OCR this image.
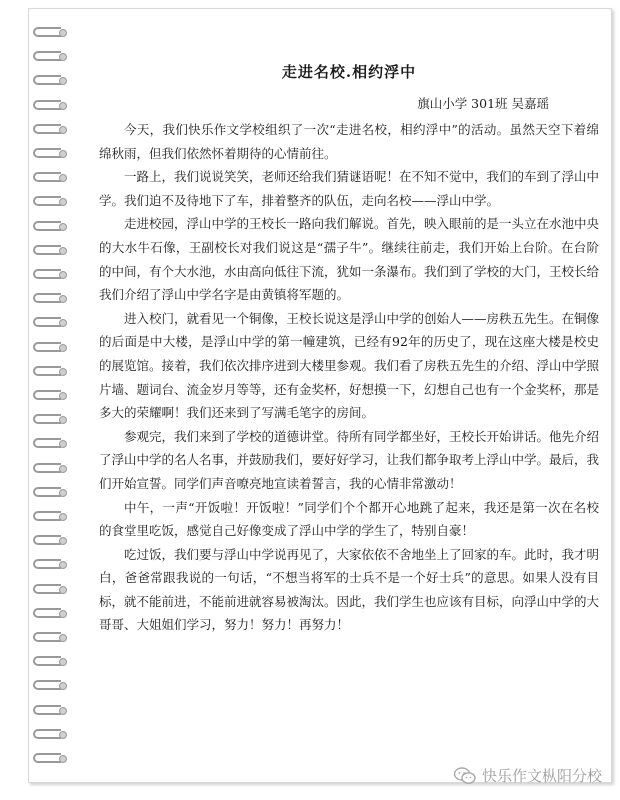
走进名校.相约浮中
旗山小学 301班 吴嘉瑶

今天，我们快乐作文学校组织了一次“走进名校，相约浮中”的活动。虽然天空下着绵绵秋雨，但我们依然怀着期待的心情前往。

一路上，我们说说笑笑，老师还给我们猜谜语呢！在不知不觉中，我们的车到了浮山中学。我们迫不及待地下了车，排着整齐的队伍，走向名校——浮山中学。

走进校园，浮山中学的王校长一路向我们解说。首先，映入眼前的是一头立在水池中央的大水牛石像，王副校长对我们说这是“孺子牛”。继续往前走，我们开始上台阶。在台阶的中间，有个大水池，水由高向低往下流，犹如一条瀑布。我们到了学校的大门，王校长给我们介绍了浮山中学名字是由黄镇将军题的。

进入校门，就看见一个铜像，王校长说这是浮山中学的创始人——房秩五先生。在铜像的后面是中大楼，是浮山中学的第一幢建筑，已经有92年的历史了，现在这座大楼是校史的展览馆。接着，我们依次排序进到大楼里参观。我们看了房秩五先生的介绍、浮山中学照片墙、题词台、流金岁月等等，还有金奖杯，好想摸一下，幻想自己也有一个金奖杯，那是多大的荣耀啊！我们还来到了写满毛笔字的房间。

参观完，我们来到了学校的道德讲堂。待所有同学都坐好，王校长开始讲话。他先介绍了浮山中学的名人名事，并鼓励我们，要好好学习，让我们都争取考上浮山中学。最后，我们开始宣誓。同学们声音嘹亮地宣读着誓言，我的心情非常激动！

中午，一声“开饭啦！开饭啦！”同学们个个都开心地跳了起来，我还是第一次在名校的食堂里吃饭，感觉自己好像变成了浮山中学的学生了，特别自豪！

吃过饭，我们要与浮山中学说再见了，大家依依不舍地坐上了回家的车。此时，我才明白，爸爸常跟我说的一句话，“不想当将军的士兵不是一个好士兵”的意思。如果人没有目标，就不能前进，不能前进就容易被淘汰。因此，我们学生也应该有目标，向浮山中学的大哥哥、大姐姐们学习，努力！努力！再努力！

快乐作文枞阳分校
